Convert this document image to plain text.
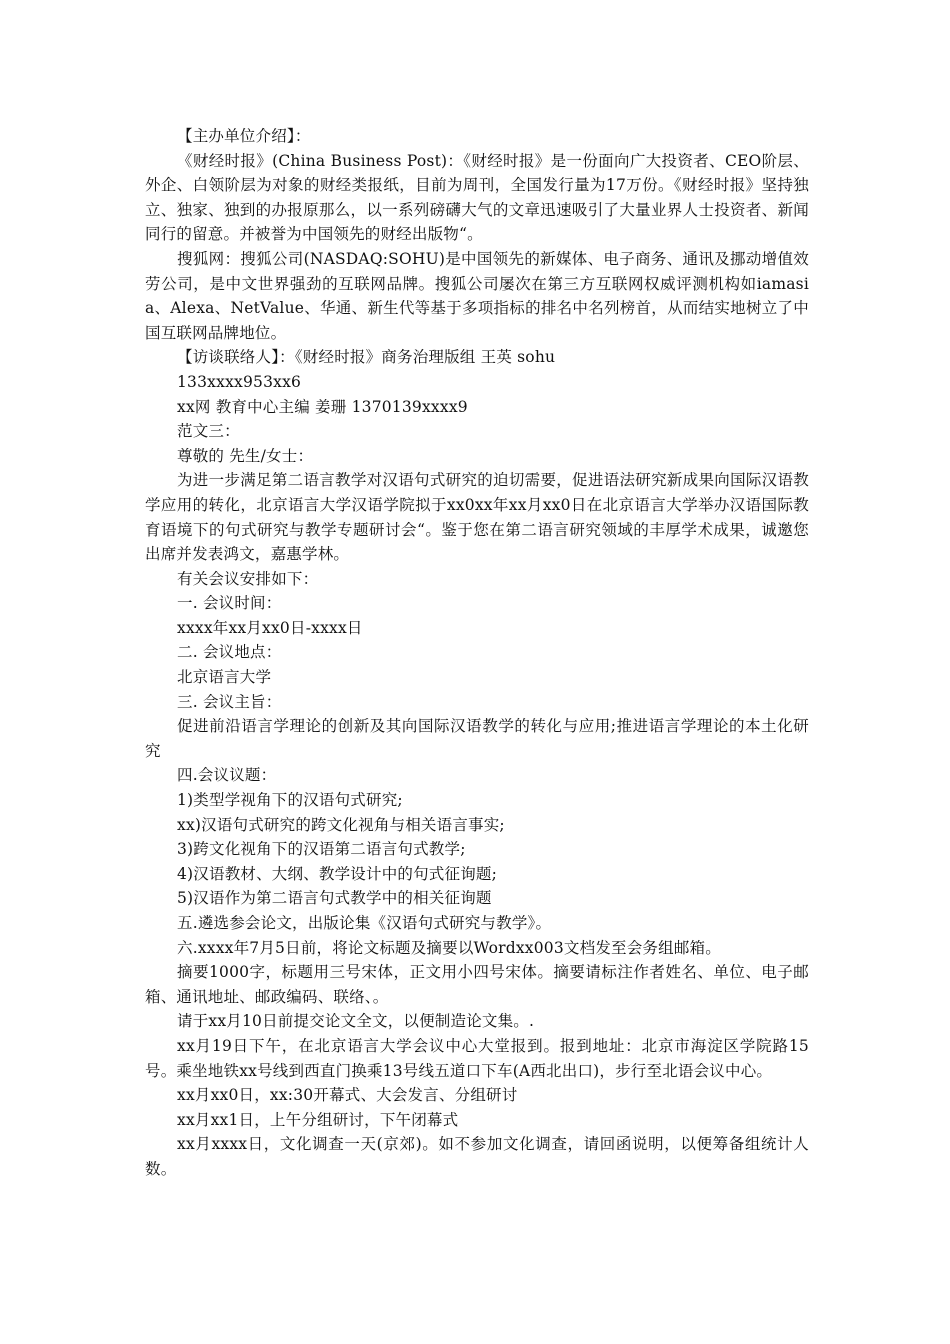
【主办单位介绍】：

《财经时报》(China Business Post)：《财经时报》是一份面向广大投资者、CEO阶层、外企、白领阶层为对象的财经类报纸，目前为周刊，全国发行量为17万份。《财经时报》坚持独立、独家、独到的办报原那么，以一系列磅礴大气的文章迅速吸引了大量业界人士投资者、新闻同行的留意。并被誉为中国领先的财经出版物“。

搜狐网：搜狐公司(NASDAQ:SOHU)是中国领先的新媒体、电子商务、通讯及挪动增值效劳公司，是中文世界强劲的互联网品牌。搜狐公司屡次在第三方互联网权威评测机构如iamasia、Alexa、NetValue、华通、新生代等基于多项指标的排名中名列榜首，从而结实地树立了中国互联网品牌地位。

【访谈联络人】：《财经时报》商务治理版组 王英 sohu

133xxxx953xx6

xx网 教育中心主编 姜珊 1370139xxxx9

范文三：

尊敬的 先生/女士：

为进一步满足第二语言教学对汉语句式研究的迫切需要，促进语法研究新成果向国际汉语教学应用的转化，北京语言大学汉语学院拟于xx0xx年xx月xx0日在北京语言大学举办汉语国际教育语境下的句式研究与教学专题研讨会“。鉴于您在第二语言研究领域的丰厚学术成果，诚邀您出席并发表鸿文，嘉惠学林。

有关会议安排如下：

一. 会议时间：

xxxx年xx月xx0日-xxxx日

二. 会议地点：

北京语言大学

三. 会议主旨：

促进前沿语言学理论的创新及其向国际汉语教学的转化与应用;推进语言学理论的本土化研究

四.会议议题：

1)类型学视角下的汉语句式研究;

xx)汉语句式研究的跨文化视角与相关语言事实;

3)跨文化视角下的汉语第二语言句式教学;

4)汉语教材、大纲、教学设计中的句式征询题;

5)汉语作为第二语言句式教学中的相关征询题

五.遴选参会论文，出版论集《汉语句式研究与教学》。

六.xxxx年7月5日前，将论文标题及摘要以Wordxx003文档发至会务组邮箱。

摘要1000字，标题用三号宋体，正文用小四号宋体。摘要请标注作者姓名、单位、电子邮箱、通讯地址、邮政编码、联络、。

请于xx月10日前提交论文全文，以便制造论文集。.

xx月19日下午，在北京语言大学会议中心大堂报到。报到地址：北京市海淀区学院路15号。乘坐地铁xx号线到西直门换乘13号线五道口下车(A西北出口)，步行至北语会议中心。

xx月xx0日，xx:30开幕式、大会发言、分组研讨

xx月xx1日，上午分组研讨，下午闭幕式

xx月xxxx日，文化调查一天(京郊)。如不参加文化调查，请回函说明，以便筹备组统计人数。
